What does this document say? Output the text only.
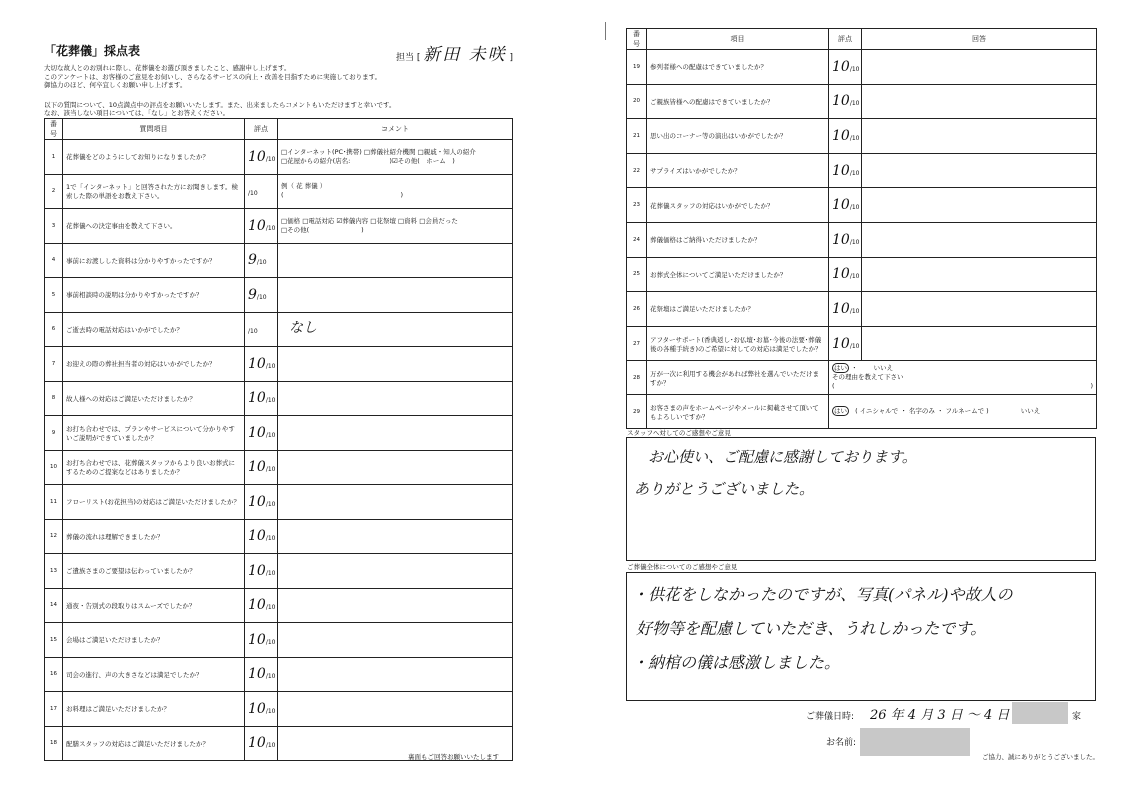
「花葬儀」採点表	担当 [ 新田 未咲 ]
大切な故人とのお別れに際し、花葬儀をお選び頂きましたこと、感謝申し上げます。
このアンケートは、お客様のご意見をお伺いし、さらなるサービスの向上・改善を目指すために実施しております。
御協力のほど、何卒宜しくお願い申し上げます。
以下の質問について、10点満点中の評点をお願いいたします。また、出来ましたらコメントもいただけますと幸いです。
なお、該当しない項目については、「なし」とお答えください。
番号	質問項目	評点	コメント
1	花葬儀をどのようにしてお知りになりましたか？	10/10	□インターネット(PC･携帯) □葬儀社紹介機関 □親戚・知人の紹介
□花屋からの紹介(店名:　　　　　　)☑その他(　ホーム　)

2	1で「インターネット」と回答された方にお聞きします。検索した際の単語をお教え下さい。	/10	例（ 花 葬儀 ）
(　　　　　　　　　　　　　　　　　　)

3	花葬儀への決定事由を教えて下さい。	10/10	□価格 □電話対応 ☑葬儀内容 □花祭壇 □資料 □会員だった
□その他(　　　　　　　　)

4	事前にお渡しした資料は分かりやすかったですか？	9/10	
5	事前相談時の説明は分かりやすかったですか？	9/10	
6	ご逝去時の電話対応はいかがでしたか？	/10	なし
7	お迎えの際の葬社担当者の対応はいかがでしたか？	10/10	
8	故人様への対応はご満足いただけましたか？	10/10	
9	お打ち合わせでは、プランやサービスについて分かりやすいご説明ができていましたか？	10/10	
10	お打ち合わせでは、花葬儀スタッフからより良いお葬式にするためのご提案などはありましたか？	10/10	
11	フローリスト(お花担当)の対応はご満足いただけましたか？	10/10	
12	葬儀の流れは理解できましたか？	10/10	
13	ご遺族さまのご要望は伝わっていましたか？	10/10	
14	通夜・告別式の段取りはスムーズでしたか？	10/10	
15	会場はご満足いただけましたか？	10/10	
16	司会の進行、声の大きさなどは満足でしたか？	10/10	
17	お料理はご満足いただけましたか？	10/10	
18	配膳スタッフの対応はご満足いただけましたか？	10/10	
裏面もご回答お願いいたします
番号	項目	評点	回答
19	参列者様への配慮はできていましたか？	10/10	
20	ご親族皆様への配慮はできていましたか？	10/10	
21	思い出のコーナー等の演出はいかがでしたか？	10/10	
22	サプライズはいかがでしたか？	10/10	
23	花葬儀スタッフの対応はいかがでしたか？	10/10	
24	葬儀価格はご納得いただけましたか？	10/10	
25	お葬式全体についてご満足いただけましたか？	10/10	
26	花祭壇はご満足いただけましたか？	10/10	
27	アフターサポート(香典返し･お仏壇･お墓･今後の法要･葬儀後の各種手続き)のご希望に対しての対応は満足でしたか？	10/10	
28	万が一次に利用する機会があれば弊社を選んでいただけますか？	はい ・ いいえ
その理由を教えて下さい
( )	

29	お客さまの声をホームページやメールに掲載させて頂いてもよろしいですか？	はい ( イニシャルで ・ 名字のみ ・ フルネームで ) いいえ	
スタッフへ対してのご感想やご意見
お心使い、ご配慮に感謝しております。
ありがとうございました。
ご葬儀全体についてのご感想やご意見
・供花をしなかったのですが、写真(パネル)や故人の
好物等を配慮していただき、うれしかったです。
・納棺の儀は感激しました。
ご葬儀日時: 26 年 4 月 3 日 ～ 4 日	家
お名前:
ご協力、誠にありがとうございました。
